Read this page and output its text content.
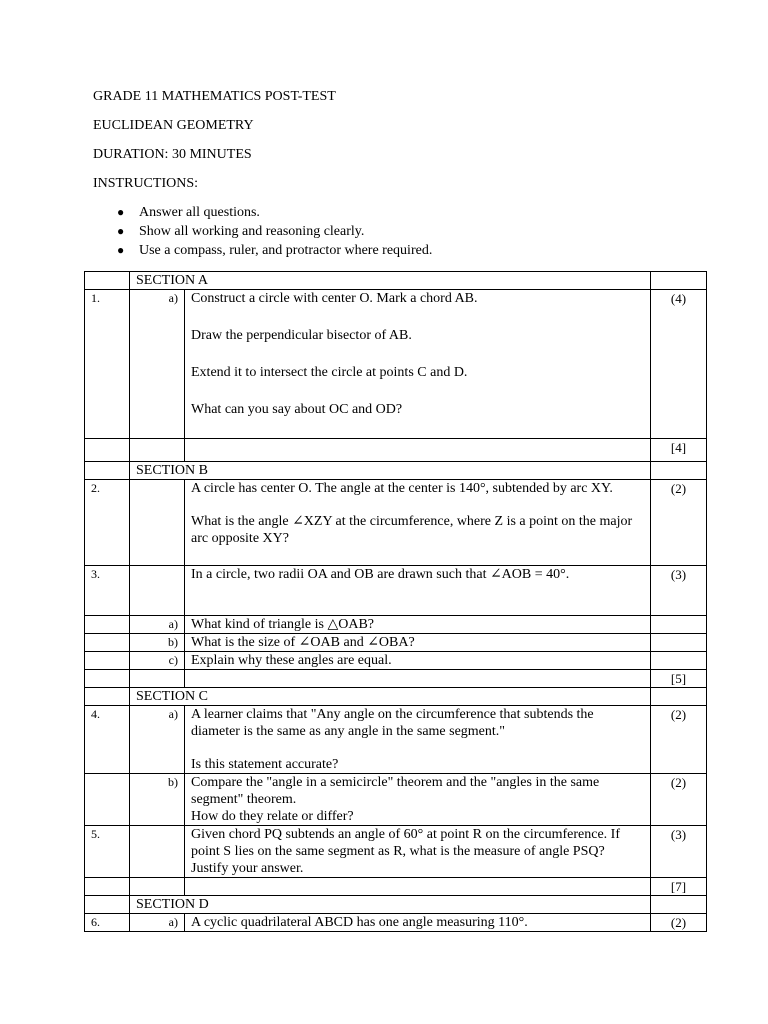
GRADE 11 MATHEMATICS POST-TEST
EUCLIDEAN GEOMETRY
DURATION: 30 MINUTES
INSTRUCTIONS:
● Answer all questions.
● Show all working and reasoning clearly.
● Use a compass, ruler, and protractor where required.
	SECTION A		
1.	a)	Construct a circle with center O. Mark a chord AB.

Draw the perpendicular bisector of AB.

Extend it to intersect the circle at points C and D.

What can you say about OC and OD?	(4)
			[4]
	SECTION B		
2.		A circle has center O. The angle at the center is 140°, subtended by arc XY.

What is the angle ∠XZY at the circumference, where Z is a point on the major arc opposite XY?	(2)
3.		In a circle, two radii OA and OB are drawn such that ∠AOB = 40°.	(3)
	a)	What kind of triangle is △OAB?	
	b)	What is the size of ∠OAB and ∠OBA?	
	c)	Explain why these angles are equal.	
			[5]
	SECTION C		
4.	a)	A learner claims that "Any angle on the circumference that subtends the diameter is the same as any angle in the same segment."

Is this statement accurate?	(2)
	b)	Compare the "angle in a semicircle" theorem and the "angles in the same segment" theorem.

How do they relate or differ?	(2)
5.		Given chord PQ subtends an angle of 60° at point R on the circumference. If point S lies on the same segment as R, what is the measure of angle PSQ? Justify your answer.	(3)
			[7]
	SECTION D		
6.	a)	A cyclic quadrilateral ABCD has one angle measuring 110°.	(2)
